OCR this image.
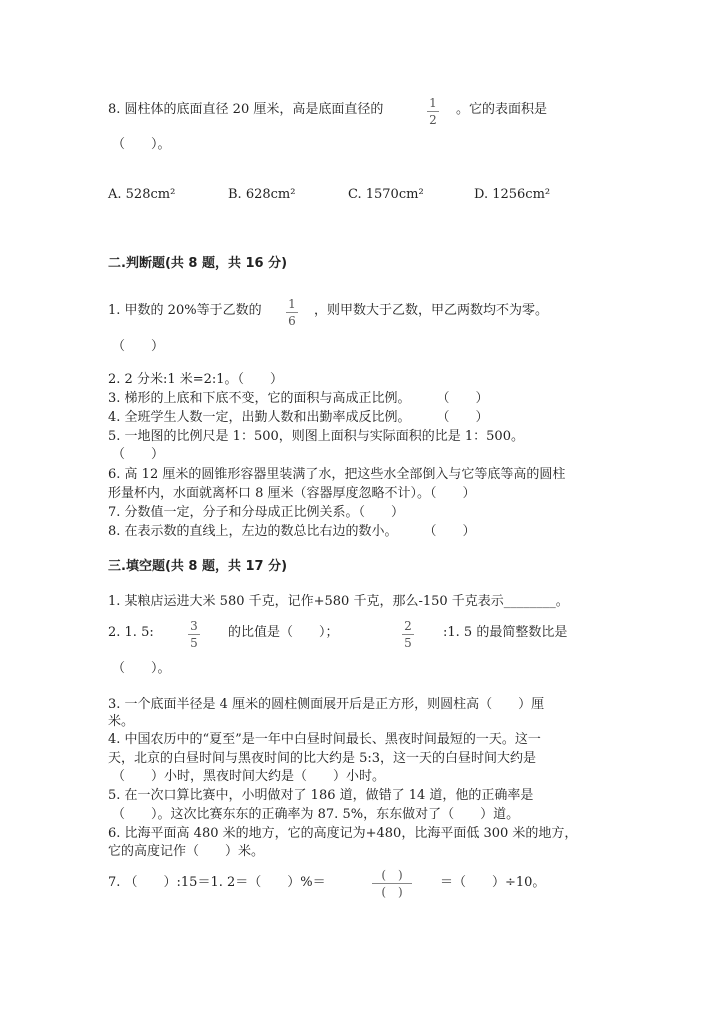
8. 圆柱体的底面直径 20 厘米，高是底面直径的	1
2
。它的表面积是
（　　）。
A. 528cm²	B. 628cm²	C. 1570cm²	D. 1256cm²
二.判断题(共 8 题，共 16 分)
1. 甲数的 20%等于乙数的 1
6
，则甲数大于乙数，甲乙两数均不为零。
（　　）
2. 2 分米:1 米=2:1。（　　）
3. 梯形的上底和下底不变，它的面积与高成正比例。　　　（　　）
4. 全班学生人数一定，出勤人数和出勤率成反比例。　　　（　　）
5. 一地图的比例尺是 1：500，则图上面积与实际面积的比是 1：500。
（　　）
6. 高 12 厘米的圆锥形容器里装满了水，把这些水全部倒入与它等底等高的圆柱
形量杯内，水面就离杯口 8 厘米（容器厚度忽略不计）。（　　）
7. 分数值一定，分子和分母成正比例关系。（　　）
8. 在表示数的直线上，左边的数总比右边的数小。　　　（　　）
三.填空题(共 8 题，共 17 分)
1. 某粮店运进大米 580 千克，记作+580 千克，那么-150 千克表示________。
2. 1. 5:	3
5
的比值是（　　）；	2
5
:1. 5 的最简整数比是
（　　）。
3. 一个底面半径是 4 厘米的圆柱侧面展开后是正方形，则圆柱高（　　）厘
米。
4. 中国农历中的“夏至”是一年中白昼时间最长、黑夜时间最短的一天。这一
天，北京的白昼时间与黑夜时间的比大约是 5:3，这一天的白昼时间大约是
（　　）小时，黑夜时间大约是（　　）小时。
5. 在一次口算比赛中，小明做对了 186 道，做错了 14 道，他的正确率是
（　　）。这次比赛东东的正确率为 87. 5%，东东做对了（　　）道。
6. 比海平面高 480 米的地方，它的高度记为+480，比海平面低 300 米的地方，
它的高度记作（　　）米。
7. （　　）:15＝1. 2＝（　　）%＝	(　)
(　)
＝（　　）÷10。
